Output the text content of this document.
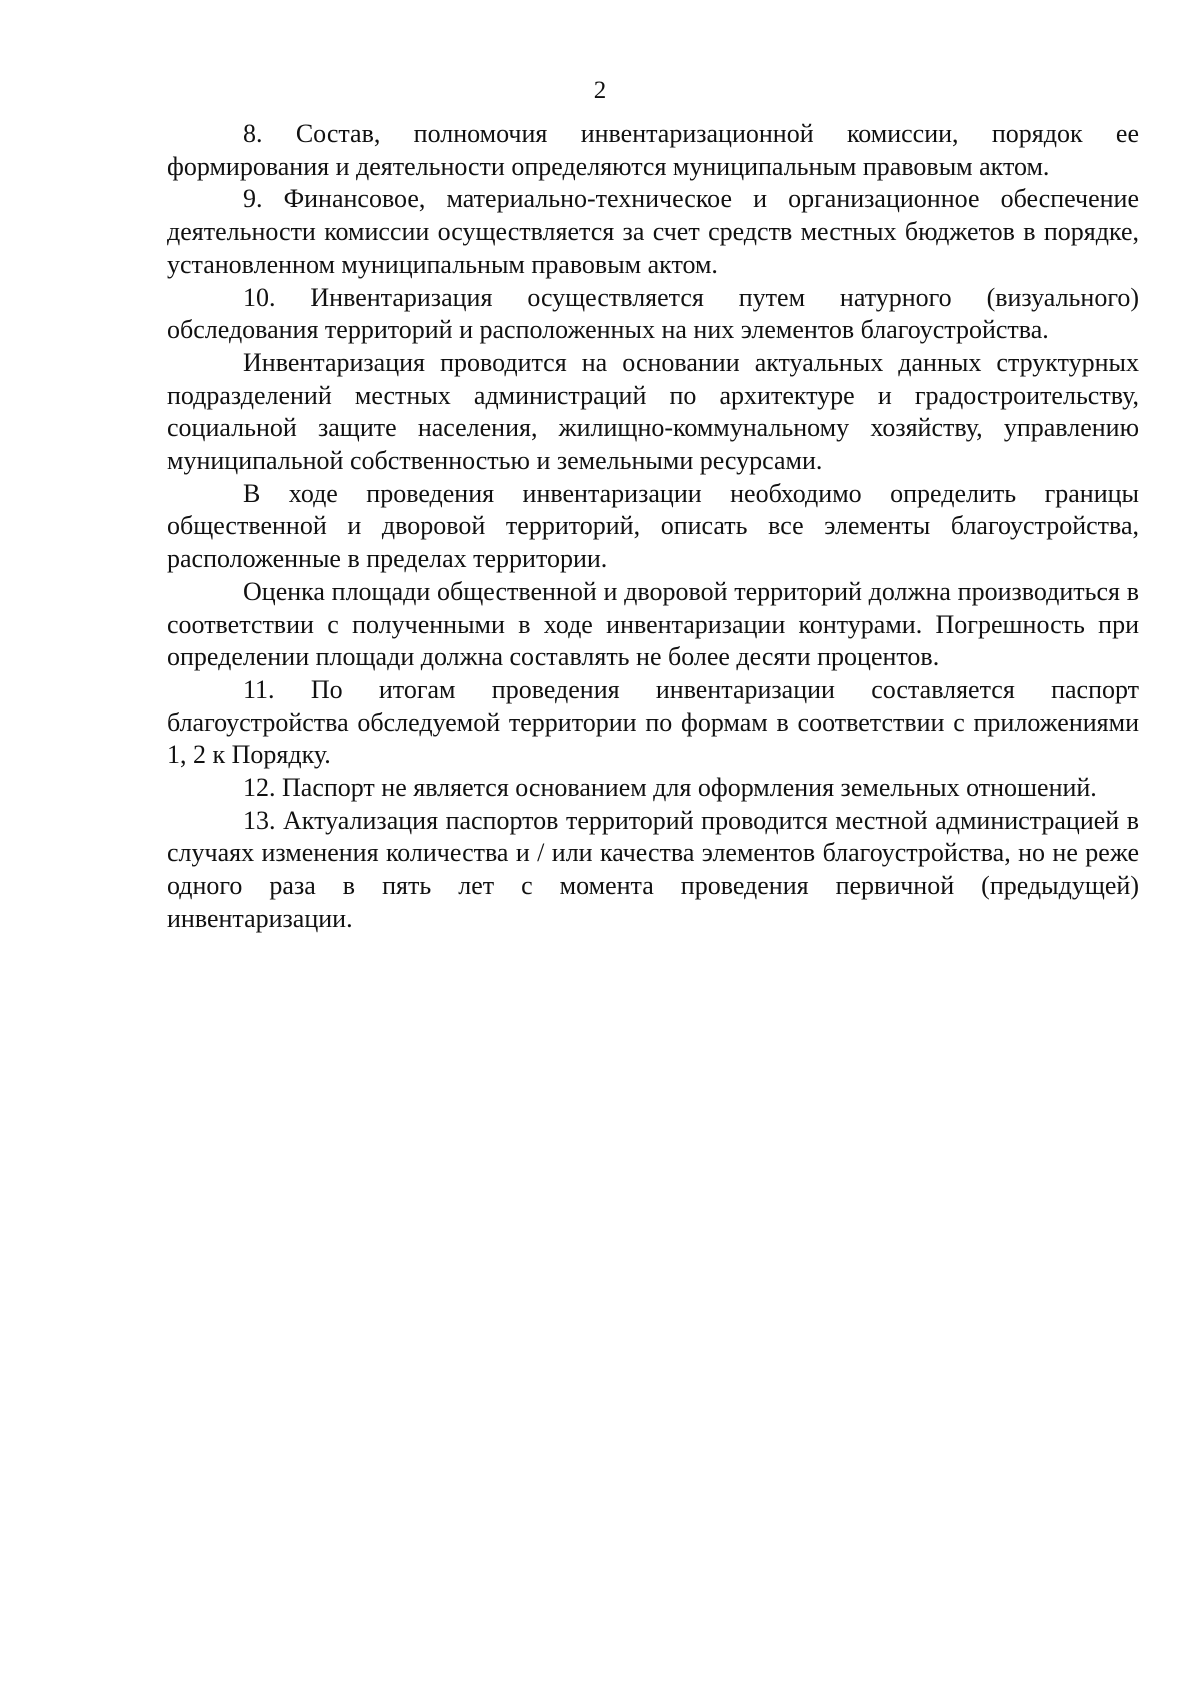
2

8. Состав, полномочия инвентаризационной комиссии, порядок ее формирования и деятельности определяются муниципальным правовым актом.

9. Финансовое, материально-техническое и организационное обеспечение деятельности комиссии осуществляется за счет средств местных бюджетов в порядке, установленном муниципальным правовым актом.

10. Инвентаризация осуществляется путем натурного (визуального) обследования территорий и расположенных на них элементов благоустройства.

Инвентаризация проводится на основании актуальных данных структурных подразделений местных администраций по архитектуре и градостроительству, социальной защите населения, жилищно-коммунальному хозяйству, управлению муниципальной собственностью и земельными ресурсами.

В ходе проведения инвентаризации необходимо определить границы общественной и дворовой территорий, описать все элементы благоустройства, расположенные в пределах территории.

Оценка площади общественной и дворовой территорий должна производиться в соответствии с полученными в ходе инвентаризации контурами. Погрешность при определении площади должна составлять не более десяти процентов.

11. По итогам проведения инвентаризации составляется паспорт благоустройства обследуемой территории по формам в соответствии с приложениями 1, 2 к Порядку.

12. Паспорт не является основанием для оформления земельных отношений.

13. Актуализация паспортов территорий проводится местной администрацией в случаях изменения количества и / или качества элементов благоустройства, но не реже одного раза в пять лет с момента проведения первичной (предыдущей) инвентаризации.
